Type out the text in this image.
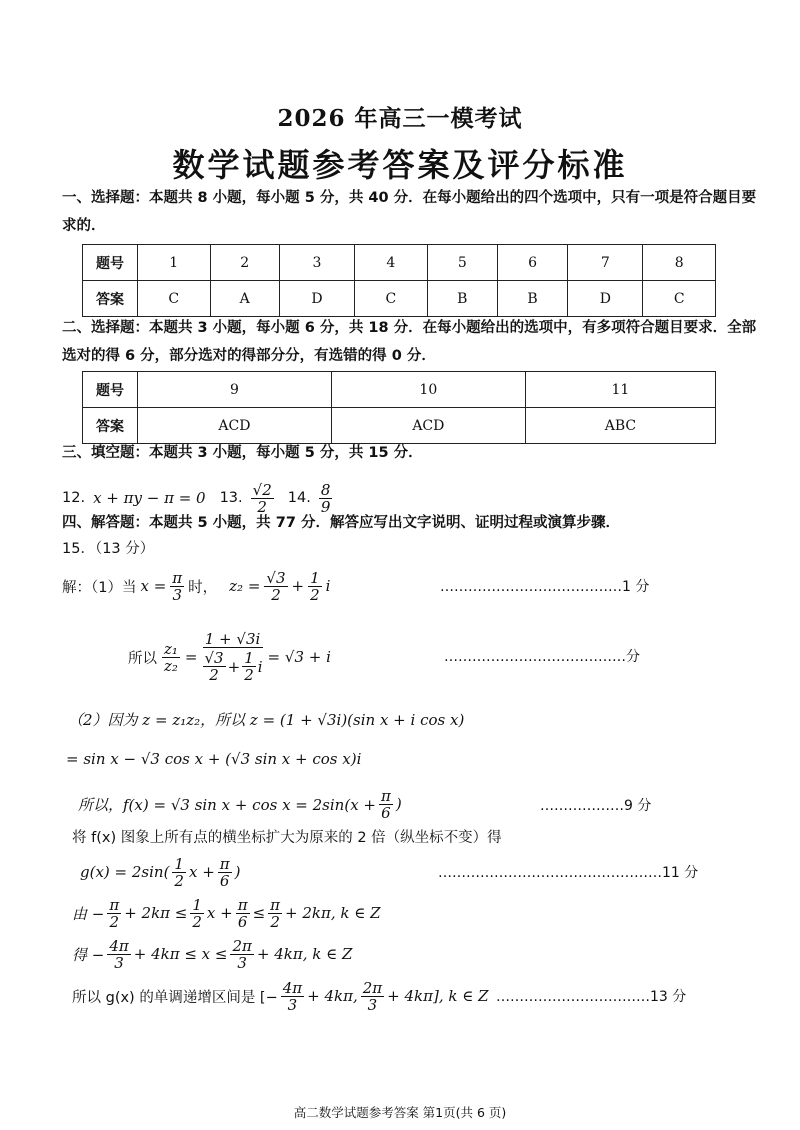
2026 年高三一模考试
数学试题参考答案及评分标准
一、选择题：本题共 8 小题，每小题 5 分，共 40 分．在每小题给出的四个选项中，只有一项是符合题目要
求的．
题号	1	2	3	4	5	6	7	8
答案	C	A	D	C	B	B	D	C
二、选择题：本题共 3 小题，每小题 6 分，共 18 分．在每小题给出的选项中，有多项符合题目要求．全部
选对的得 6 分，部分选对的得部分分，有选错的得 0 分．
题号	9	10	11
答案	ACD	ACD	ABC
三、填空题：本题共 3 小题，每小题 5 分，共 15 分．
12. x + πy − π = 0 13. $\frac{√2}{2} 14$. $\frac{8}{9}$
四、解答题：本题共 5 小题，共 77 分．解答应写出文字说明、证明过程或演算步骤．
15．（13 分）
解：（1）当 $x = \frac{\pi}{3}$ 时， $z_2 = \frac{√3}{2} + \frac{1}{2}$ i	…………………………………1 分
所以 $\frac{\text{z₁}}{\text{z₂}} = \frac{1 + √3i}{\frac{√3}{2} + \frac{1}{2} i} = √3 + i$	…………………………………分
（2）因为 z = z₁z₂，所以 z = (1 + √3i)(sin x + i cos x)
= sin x − √3 cos x + (√3 sin x + cos x)i
所以，f(x) = √3 $\sin x + \cos x = 2\sin(x + \frac{\pi}{6}$ )	………………9 分
将 f(x) 图象上所有点的横坐标扩大为原来的 2 倍（纵坐标不变）得
$g(x) = 2\sin( \frac{1}{2}$ $x + \frac{\pi}{6}$ )	…………………………………………11 分
由 − $\frac{\pi}{2} + 2k\pi \le \frac{1}{2}$ $x + \frac{\pi}{6} \le \frac{\pi}{2} + 2k\pi$, k ∈ Z
得 − $\frac{4\pi}{3} + 4k\pi \le x \le \frac{2\pi}{3} + 4k\pi$, k ∈ Z
所以 g(x) 的单调递增区间是 [− $\frac{4\pi}{3} + 4k\pi$, $\frac{2\pi}{3} + 4k\pi$], k ∈ Z ……………………………13 分
高二数学试题参考答案 第1页(共 6 页)
